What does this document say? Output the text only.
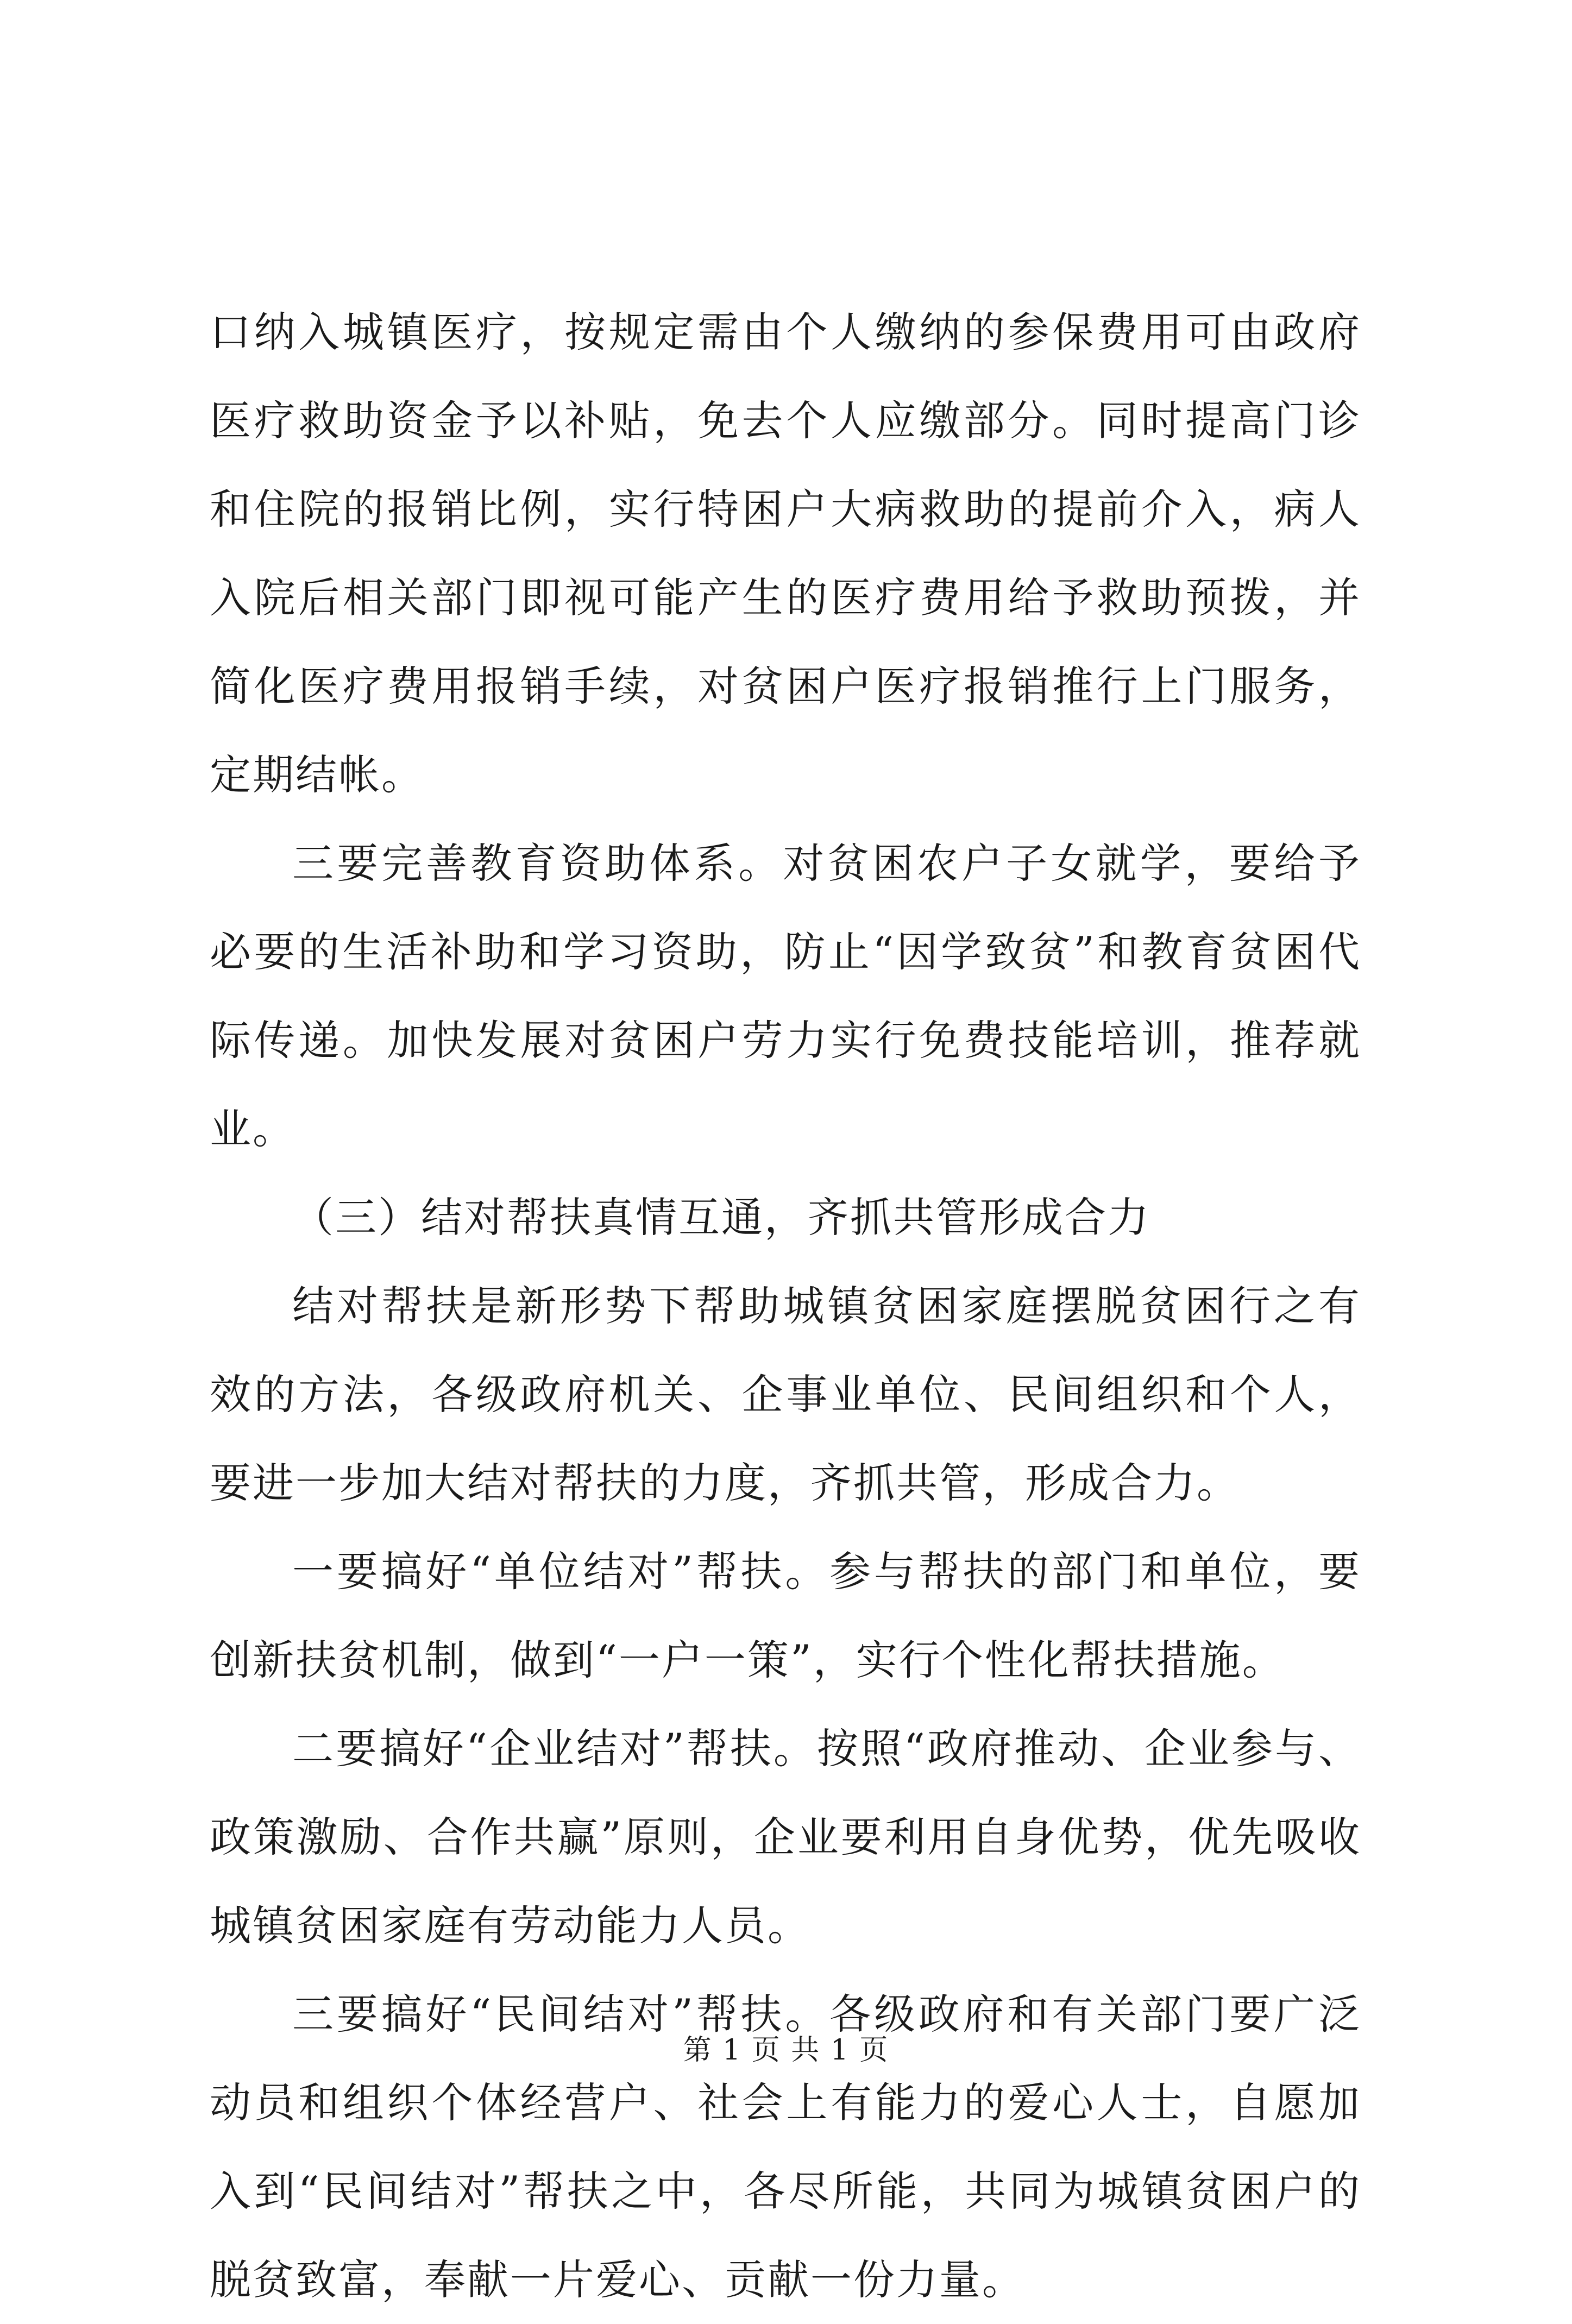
口纳入城镇医疗，按规定需由个人缴纳的参保费用可由政府医疗救助资金予以补贴，免去个人应缴部分。同时提高门诊和住院的报销比例，实行特困户大病救助的提前介入，病人入院后相关部门即视可能产生的医疗费用给予救助预拨，并简化医疗费用报销手续，对贫困户医疗报销推行上门服务，定期结帐。

三要完善教育资助体系。对贫困农户子女就学，要给予必要的生活补助和学习资助，防止“因学致贫”和教育贫困代际传递。加快发展对贫困户劳力实行免费技能培训，推荐就业。

（三）结对帮扶真情互通，齐抓共管形成合力

结对帮扶是新形势下帮助城镇贫困家庭摆脱贫困行之有效的方法，各级政府机关、企事业单位、民间组织和个人，要进一步加大结对帮扶的力度，齐抓共管，形成合力。

一要搞好“单位结对”帮扶。参与帮扶的部门和单位，要创新扶贫机制，做到“一户一策”，实行个性化帮扶措施。

二要搞好“企业结对”帮扶。按照“政府推动、企业参与、政策激励、合作共赢”原则，企业要利用自身优势，优先吸收城镇贫困家庭有劳动能力人员。

三要搞好“民间结对”帮扶。各级政府和有关部门要广泛动员和组织个体经营户、社会上有能力的爱心人士，自愿加入到“民间结对”帮扶之中，各尽所能，共同为城镇贫困户的脱贫致富，奉献一片爱心、贡献一份力量。

第 1 页 共 1 页
